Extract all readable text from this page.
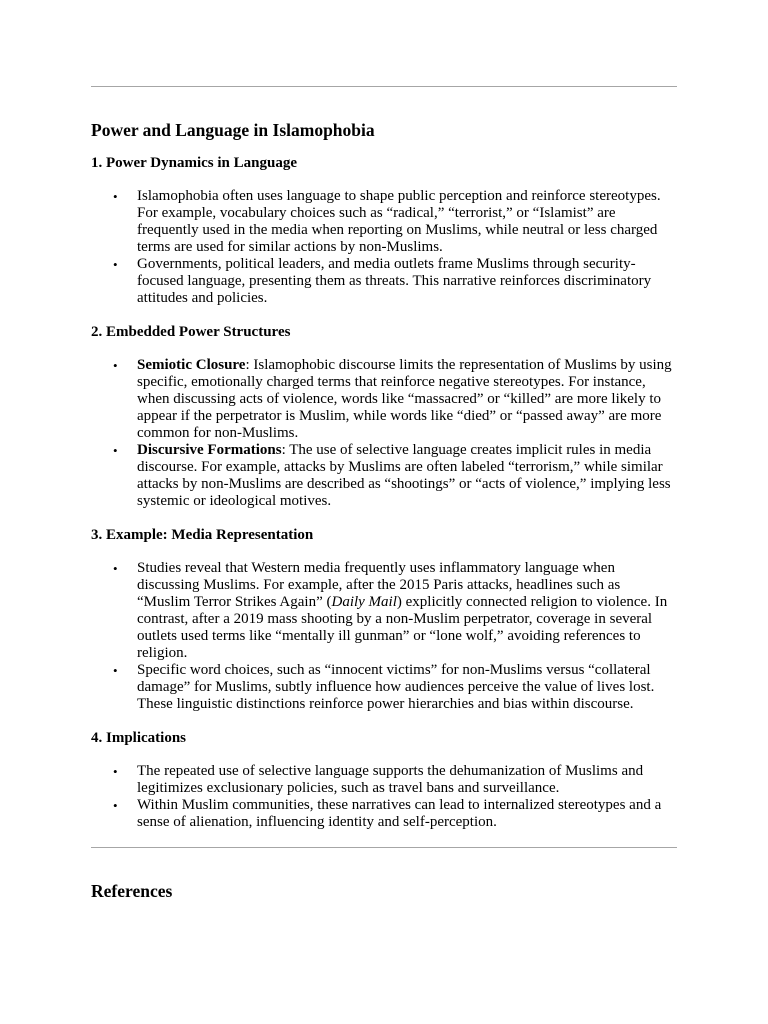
Power and Language in Islamophobia
1. Power Dynamics in Language
• Islamophobia often uses language to shape public perception and reinforce stereotypes. For example, vocabulary choices such as “radical,” “terrorist,” or “Islamist” are frequently used in the media when reporting on Muslims, while neutral or less charged terms are used for similar actions by non-Muslims.
• Governments, political leaders, and media outlets frame Muslims through security-focused language, presenting them as threats. This narrative reinforces discriminatory attitudes and policies.
2. Embedded Power Structures
• Semiotic Closure: Islamophobic discourse limits the representation of Muslims by using specific, emotionally charged terms that reinforce negative stereotypes. For instance, when discussing acts of violence, words like “massacred” or “killed” are more likely to appear if the perpetrator is Muslim, while words like “died” or “passed away” are more common for non-Muslims.
• Discursive Formations: The use of selective language creates implicit rules in media discourse. For example, attacks by Muslims are often labeled “terrorism,” while similar attacks by non-Muslims are described as “shootings” or “acts of violence,” implying less systemic or ideological motives.
3. Example: Media Representation
• Studies reveal that Western media frequently uses inflammatory language when discussing Muslims. For example, after the 2015 Paris attacks, headlines such as “Muslim Terror Strikes Again” (Daily Mail) explicitly connected religion to violence. In contrast, after a 2019 mass shooting by a non-Muslim perpetrator, coverage in several outlets used terms like “mentally ill gunman” or “lone wolf,” avoiding references to religion.
• Specific word choices, such as “innocent victims” for non-Muslims versus “collateral damage” for Muslims, subtly influence how audiences perceive the value of lives lost. These linguistic distinctions reinforce power hierarchies and bias within discourse.
4. Implications
• The repeated use of selective language supports the dehumanization of Muslims and legitimizes exclusionary policies, such as travel bans and surveillance.
• Within Muslim communities, these narratives can lead to internalized stereotypes and a sense of alienation, influencing identity and self-perception.
References
